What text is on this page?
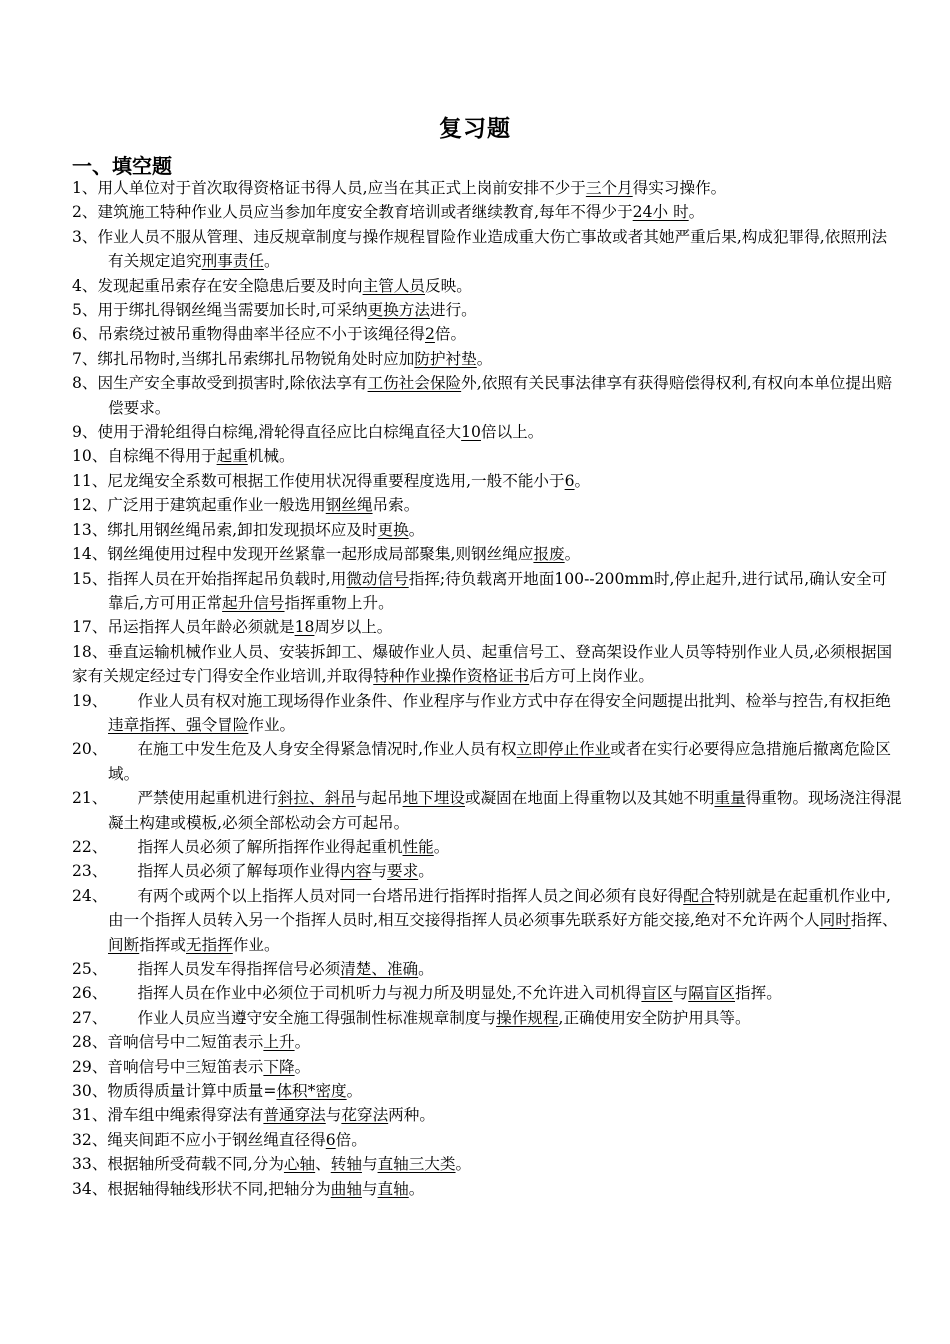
复习题
一、填空题

1、用人单位对于首次取得资格证书得人员,应当在其正式上岗前安排不少于三个月得实习操作。

2、建筑施工特种作业人员应当参加年度安全教育培训或者继续教育,每年不得少于24小 时。

3、作业人员不服从管理、违反规章制度与操作规程冒险作业造成重大伤亡事故或者其她严重后果,构成犯罪得,依照刑法有关规定追究刑事责任。

4、发现起重吊索存在安全隐患后要及时向主管人员反映。

5、用于绑扎得钢丝绳当需要加长时,可采纳更换方法进行。

6、吊索绕过被吊重物得曲率半径应不小于该绳径得2倍。

7、绑扎吊物时,当绑扎吊索绑扎吊物锐角处时应加防护衬垫。

8、因生产安全事故受到损害时,除依法享有工伤社会保险外,依照有关民事法律享有获得赔偿得权利,有权向本单位提出赔偿要求。

9、使用于滑轮组得白棕绳,滑轮得直径应比白棕绳直径大10倍以上。

10、自棕绳不得用于起重机械。

11、尼龙绳安全系数可根据工作使用状况得重要程度选用,一般不能小于6。

12、广泛用于建筑起重作业一般选用钢丝绳吊索。

13、绑扎用钢丝绳吊索,卸扣发现损坏应及时更换。

14、钢丝绳使用过程中发现开丝紧靠一起形成局部聚集,则钢丝绳应报废。

15、指挥人员在开始指挥起吊负载时,用微动信号指挥;待负载离开地面100--200mm时,停止起升,进行试吊,确认安全可靠后,方可用正常起升信号指挥重物上升。

17、吊运指挥人员年龄必须就是18周岁以上。

18、垂直运输机械作业人员、安装拆卸工、爆破作业人员、起重信号工、登高架设作业人员等特别作业人员,必须根据国家有关规定经过专门得安全作业培训,并取得特种作业操作资格证书后方可上岗作业。

19、 作业人员有权对施工现场得作业条件、作业程序与作业方式中存在得安全问题提出批判、检举与控告,有权拒绝违章指挥、强令冒险作业。

20、 在施工中发生危及人身安全得紧急情况时,作业人员有权立即停止作业或者在实行必要得应急措施后撤离危险区域。

21、 严禁使用起重机进行斜拉、斜吊与起吊地下埋设或凝固在地面上得重物以及其她不明重量得重物。现场浇注得混凝土构建或模板,必须全部松动会方可起吊。

22、 指挥人员必须了解所指挥作业得起重机性能。

23、 指挥人员必须了解每项作业得内容与要求。

24、 有两个或两个以上指挥人员对同一台塔吊进行指挥时指挥人员之间必须有良好得配合特别就是在起重机作业中,由一个指挥人员转入另一个指挥人员时,相互交接得指挥人员必须事先联系好方能交接,绝对不允许两个人同时指挥、间断指挥或无指挥作业。

25、 指挥人员发车得指挥信号必须清楚、准确。

26、 指挥人员在作业中必须位于司机听力与视力所及明显处,不允许进入司机得盲区与隔盲区指挥。

27、 作业人员应当遵守安全施工得强制性标准规章制度与操作规程,正确使用安全防护用具等。

28、音响信号中二短笛表示上升。

29、音响信号中三短笛表示下降。

30、物质得质量计算中质量=体积*密度。

31、滑车组中绳索得穿法有普通穿法与花穿法两种。

32、绳夹间距不应小于钢丝绳直径得6倍。

33、根据轴所受荷载不同,分为心轴、转轴与直轴三大类。

34、根据轴得轴线形状不同,把轴分为曲轴与直轴。
